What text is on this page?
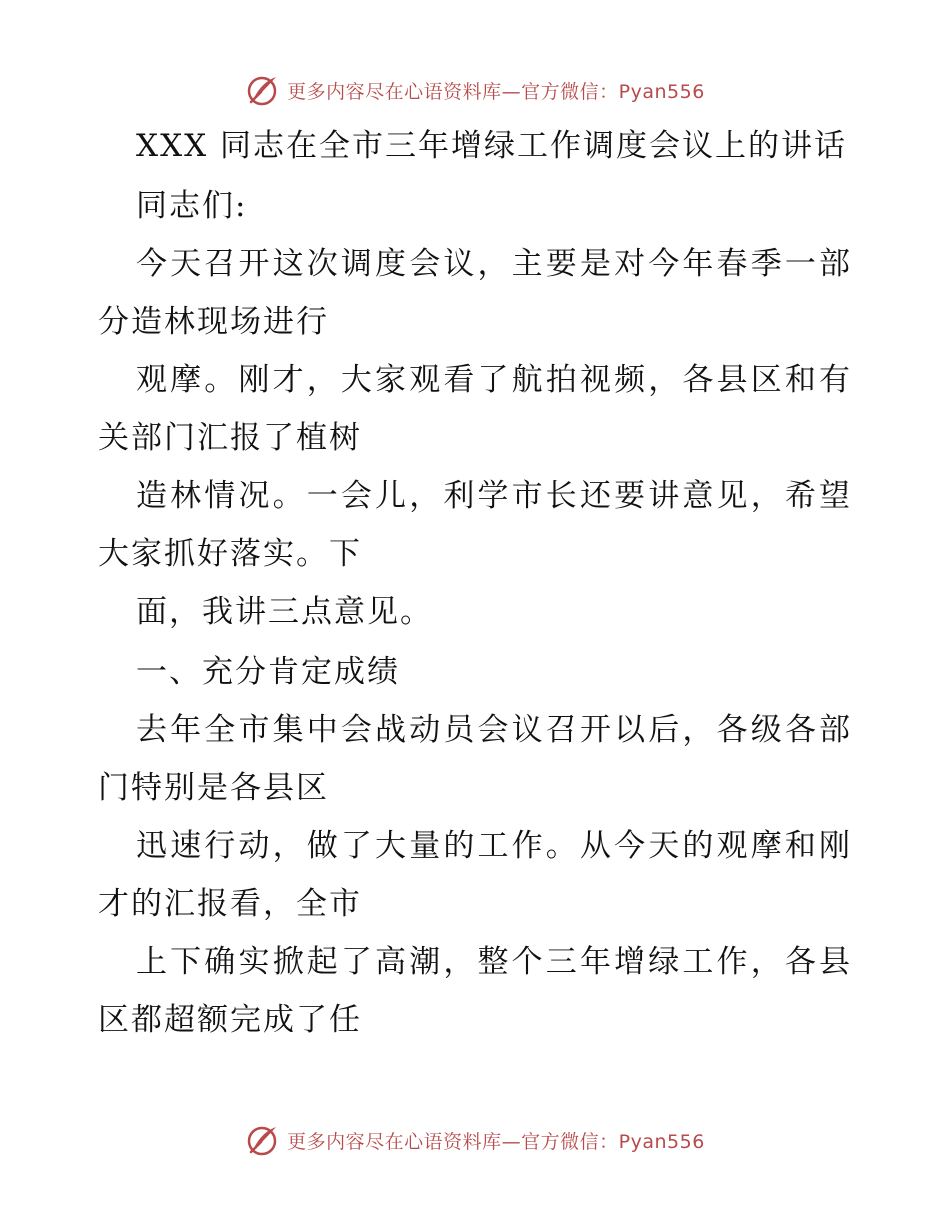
更多内容尽在心语资料库—官方微信：Pyan556
XXX 同志在全市三年增绿工作调度会议上的讲话
同志们:
今天召开这次调度会议，主要是对今年春季一部
分造林现场进行
观摩。刚才，大家观看了航拍视频，各县区和有
关部门汇报了植树
造林情况。一会儿，利学市长还要讲意见，希望
大家抓好落实。下
面，我讲三点意见。
一、充分肯定成绩
去年全市集中会战动员会议召开以后，各级各部
门特别是各县区
迅速行动，做了大量的工作。从今天的观摩和刚
才的汇报看，全市
上下确实掀起了高潮，整个三年增绿工作，各县
区都超额完成了任
更多内容尽在心语资料库—官方微信：Pyan556
